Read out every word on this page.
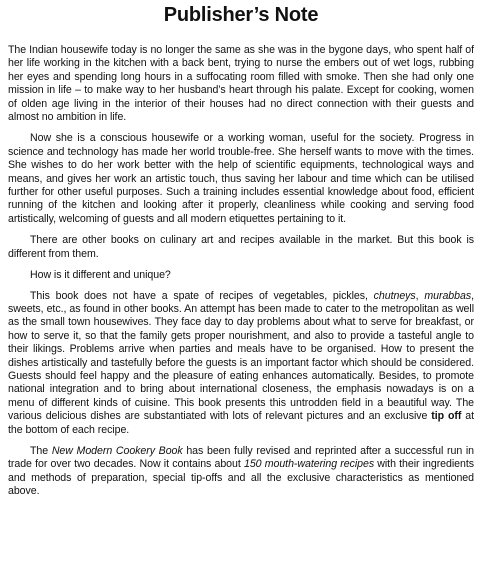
Publisher’s Note

The Indian housewife today is no longer the same as she was in the bygone days, who spent half of her life working in the kitchen with a back bent, trying to nurse the embers out of wet logs, rubbing her eyes and spending long hours in a suffocating room filled with smoke. Then she had only one mission in life – to make way to her husband’s heart through his palate. Except for cooking, women of olden age living in the interior of their houses had no direct connection with their guests and almost no ambition in life.

Now she is a conscious housewife or a working woman, useful for the society. Progress in science and technology has made her world trouble-free. She herself wants to move with the times. She wishes to do her work better with the help of scientific equipments, technological ways and means, and gives her work an artistic touch, thus saving her labour and time which can be utilised further for other useful purposes. Such a training includes essential knowledge about food, efficient running of the kitchen and looking after it properly, cleanliness while cooking and serving food artistically, welcoming of guests and all modern etiquettes pertaining to it.

There are other books on culinary art and recipes available in the market. But this book is different from them.

How is it different and unique?

This book does not have a spate of recipes of vegetables, pickles, chutneys, murabbas, sweets, etc., as found in other books. An attempt has been made to cater to the metropolitan as well as the small town housewives. They face day to day problems about what to serve for breakfast, or how to serve it, so that the family gets proper nourishment, and also to provide a tasteful angle to their likings. Problems arrive when parties and meals have to be organised. How to present the dishes artistically and tastefully before the guests is an important factor which should be considered. Guests should feel happy and the pleasure of eating enhances automatically. Besides, to promote national integration and to bring about international closeness, the emphasis nowadays is on a menu of different kinds of cuisine. This book presents this untrodden field in a beautiful way. The various delicious dishes are substantiated with lots of relevant pictures and an exclusive tip off at the bottom of each recipe.

The New Modern Cookery Book has been fully revised and reprinted after a successful run in trade for over two decades. Now it contains about 150 mouth-watering recipes with their ingredients and methods of preparation, special tip-offs and all the exclusive characteristics as mentioned above.
